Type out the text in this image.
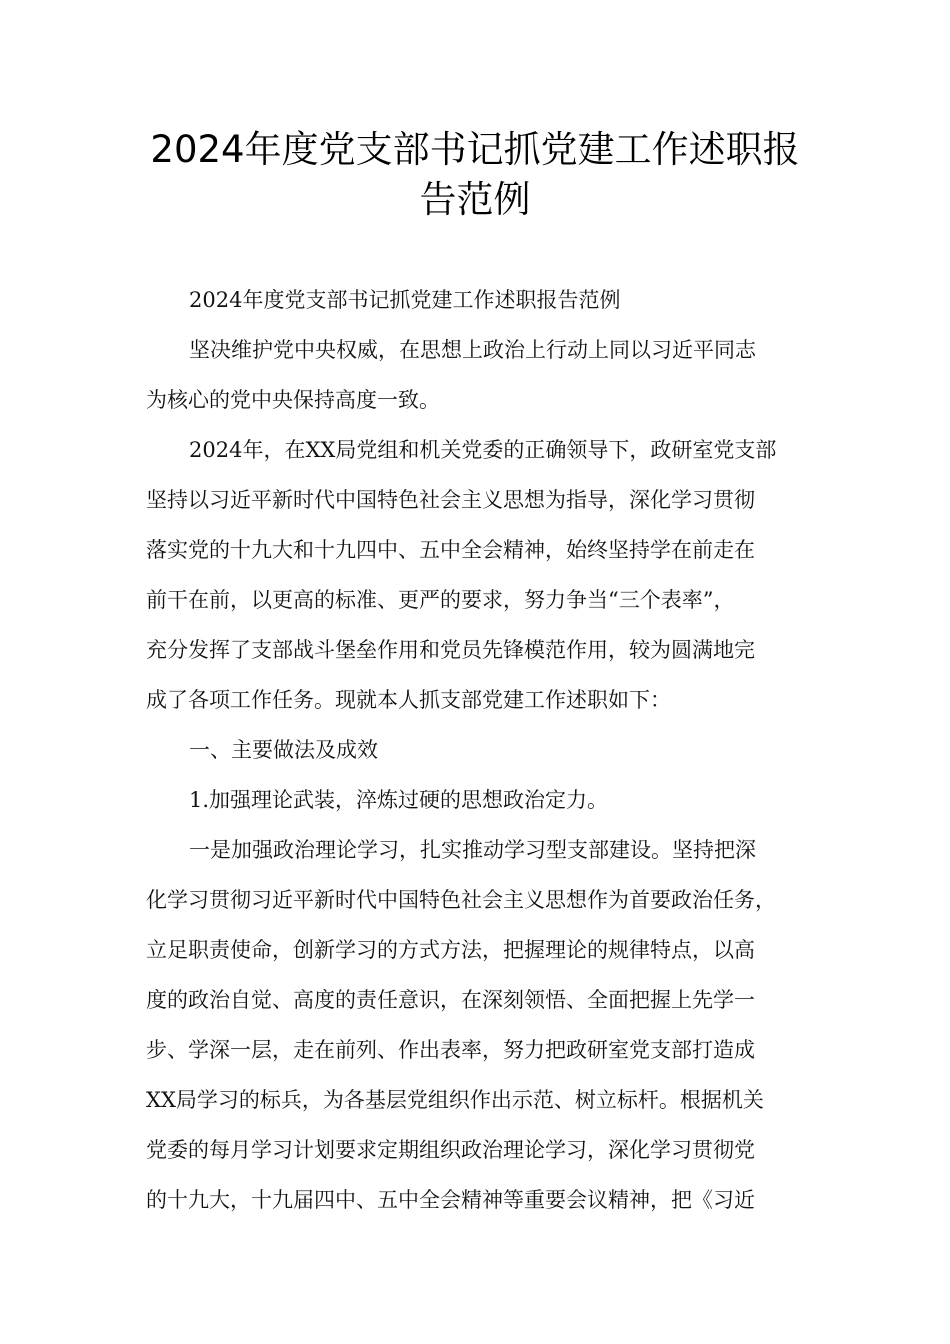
2024年度党支部书记抓党建工作述职报
告范例
2024年度党支部书记抓党建工作述职报告范例
坚决维护党中央权威，在思想上政治上行动上同以习近平同志
为核心的党中央保持高度一致。
2024年，在XX局党组和机关党委的正确领导下，政研室党支部
坚持以习近平新时代中国特色社会主义思想为指导，深化学习贯彻
落实党的十九大和十九四中、五中全会精神，始终坚持学在前走在
前干在前，以更高的标准、更严的要求，努力争当“三个表率”，
充分发挥了支部战斗堡垒作用和党员先锋模范作用，较为圆满地完
成了各项工作任务。现就本人抓支部党建工作述职如下：
一、主要做法及成效
1.加强理论武装，淬炼过硬的思想政治定力。
一是加强政治理论学习，扎实推动学习型支部建设。坚持把深
化学习贯彻习近平新时代中国特色社会主义思想作为首要政治任务，
立足职责使命，创新学习的方式方法，把握理论的规律特点，以高
度的政治自觉、高度的责任意识，在深刻领悟、全面把握上先学一
步、学深一层，走在前列、作出表率，努力把政研室党支部打造成
XX局学习的标兵，为各基层党组织作出示范、树立标杆。根据机关
党委的每月学习计划要求定期组织政治理论学习，深化学习贯彻党
的十九大，十九届四中、五中全会精神等重要会议精神，把《习近
